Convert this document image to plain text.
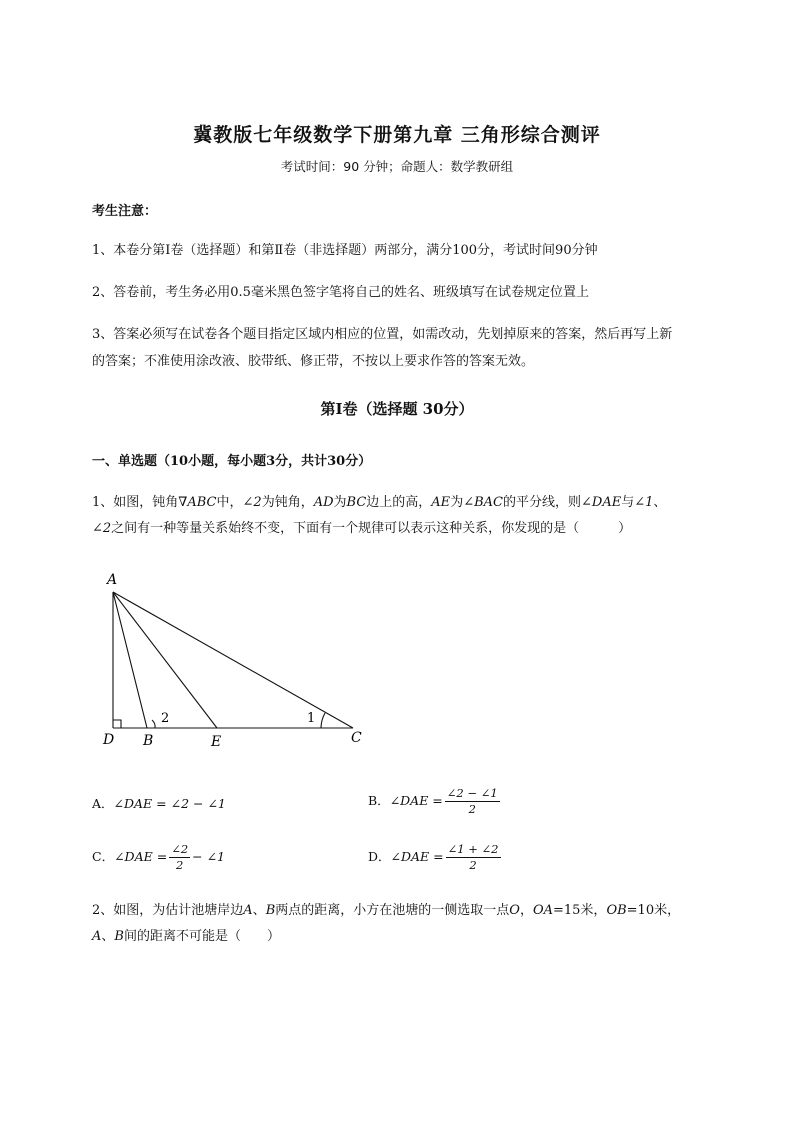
冀教版七年级数学下册第九章 三角形综合测评
考试时间：90 分钟；命题人：数学教研组
考生注意：
1、本卷分第Ⅰ卷（选择题）和第Ⅱ卷（非选择题）两部分，满分100分，考试时间90分钟
2、答卷前，考生务必用0.5毫米黑色签字笔将自己的姓名、班级填写在试卷规定位置上
3、答案必须写在试卷各个题目指定区域内相应的位置，如需改动，先划掉原来的答案，然后再写上新
的答案；不准使用涂改液、胶带纸、修正带，不按以上要求作答的答案无效。
第Ⅰ卷（选择题 30分）
一、单选题（10小题，每小题3分，共计30分）
1、如图，钝角∇ABC中，∠2为钝角，AD为BC边上的高，AE为∠BAC的平分线，则∠DAE与∠1、
∠2之间有一种等量关系始终不变，下面有一个规律可以表示这种关系，你发现的是（　　　）
A
D B	E	C
1
2
A．∠DAE = ∠2 − ∠1	B．∠DAE = $\frac{\angle 2 - \angle 1}{2}$
C．∠DAE = $\frac{\angle 2}{2}$ − ∠1	D．∠DAE = $\frac{\angle 1 + \angle 2}{2}$
2、如图，为估计池塘岸边A、B两点的距离，小方在池塘的一侧选取一点O，OA=15米，OB=10米，
A、B间的距离不可能是（　　）
